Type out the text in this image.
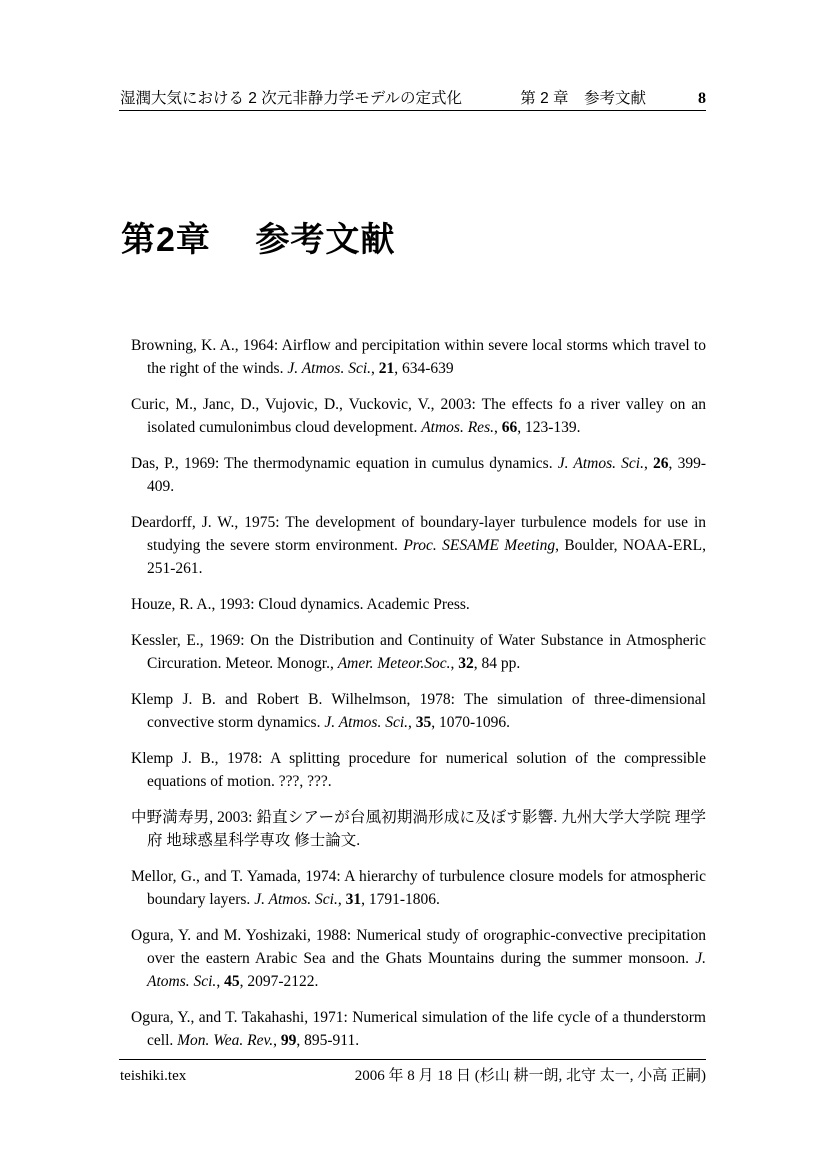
湿潤大気における 2 次元非静力学モデルの定式化	第 2 章　参考文献	8
第2章 参考文献

Browning, K. A., 1964: Airflow and percipitation within severe local storms which travel to the right of the winds. J. Atmos. Sci., 21, 634-639

Curic, M., Janc, D., Vujovic, D., Vuckovic, V., 2003: The effects fo a river valley on an isolated cumulonimbus cloud development. Atmos. Res., 66, 123-139.

Das, P., 1969: The thermodynamic equation in cumulus dynamics. J. Atmos. Sci., 26, 399-409.

Deardorff, J. W., 1975: The development of boundary-layer turbulence models for use in studying the severe storm environment. Proc. SESAME Meeting, Boulder, NOAA-ERL, 251-261.

Houze, R. A., 1993: Cloud dynamics. Academic Press.

Kessler, E., 1969: On the Distribution and Continuity of Water Substance in Atmospheric Circuration. Meteor. Monogr., Amer. Meteor.Soc., 32, 84 pp.

Klemp J. B. and Robert B. Wilhelmson, 1978: The simulation of three-dimensional convective storm dynamics. J. Atmos. Sci., 35, 1070-1096.

Klemp J. B., 1978: A splitting procedure for numerical solution of the compressible equations of motion. ???, ???.

中野満寿男, 2003: 鉛直シアーが台風初期渦形成に及ぼす影響. 九州大学大学院 理学府 地球惑星科学専攻 修士論文.

Mellor, G., and T. Yamada, 1974: A hierarchy of turbulence closure models for atmospheric boundary layers. J. Atmos. Sci., 31, 1791-1806.

Ogura, Y. and M. Yoshizaki, 1988: Numerical study of orographic-convective precipitation over the eastern Arabic Sea and the Ghats Mountains during the summer monsoon. J. Atoms. Sci., 45, 2097-2122.

Ogura, Y., and T. Takahashi, 1971: Numerical simulation of the life cycle of a thunderstorm cell. Mon. Wea. Rev., 99, 895-911.

teishiki.tex	2006 年 8 月 18 日 (杉山 耕一朗, 北守 太一, 小高 正嗣)
